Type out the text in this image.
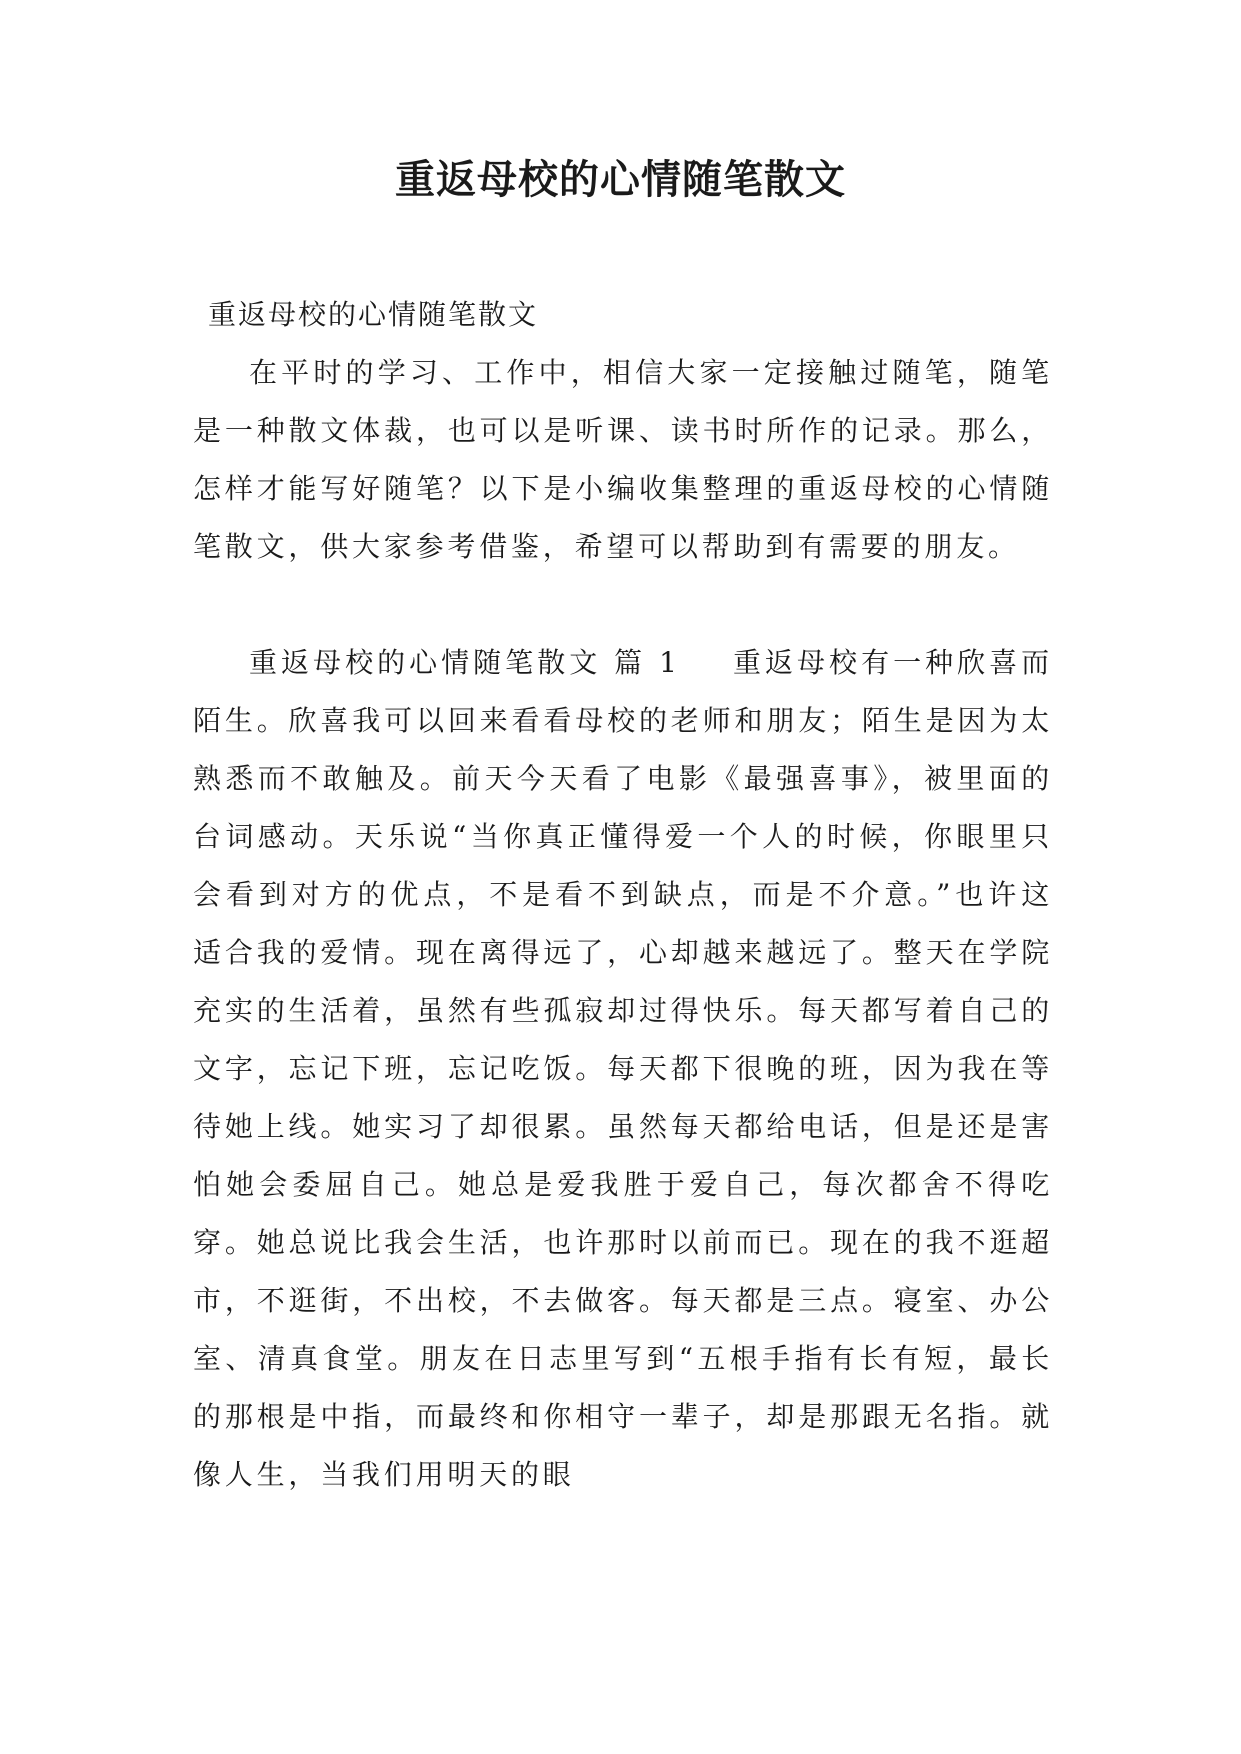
重返母校的心情随笔散文

重返母校的心情随笔散文

在平时的学习、工作中，相信大家一定接触过随笔，随笔是一种散文体裁，也可以是听课、读书时所作的记录。那么，怎样才能写好随笔？以下是小编收集整理的重返母校的心情随笔散文，供大家参考借鉴，希望可以帮助到有需要的朋友。

重返母校的心情随笔散文 篇 1 重返母校有一种欣喜而陌生。欣喜我可以回来看看母校的老师和朋友；陌生是因为太熟悉而不敢触及。前天今天看了电影《最强喜事》，被里面的台词感动。天乐说“当你真正懂得爱一个人的时候，你眼里只会看到对方的优点，不是看不到缺点，而是不介意。”也许这适合我的爱情。现在离得远了，心却越来越远了。整天在学院充实的生活着，虽然有些孤寂却过得快乐。每天都写着自己的文字，忘记下班，忘记吃饭。每天都下很晚的班，因为我在等待她上线。她实习了却很累。虽然每天都给电话，但是还是害怕她会委屈自己。她总是爱我胜于爱自己，每次都舍不得吃穿。她总说比我会生活，也许那时以前而已。现在的我不逛超市，不逛街，不出校，不去做客。每天都是三点。寝室、办公室、清真食堂。朋友在日志里写到“五根手指有长有短，最长的那根是中指，而最终和你相守一辈子，却是那跟无名指。就像人生，当我们用明天的眼
